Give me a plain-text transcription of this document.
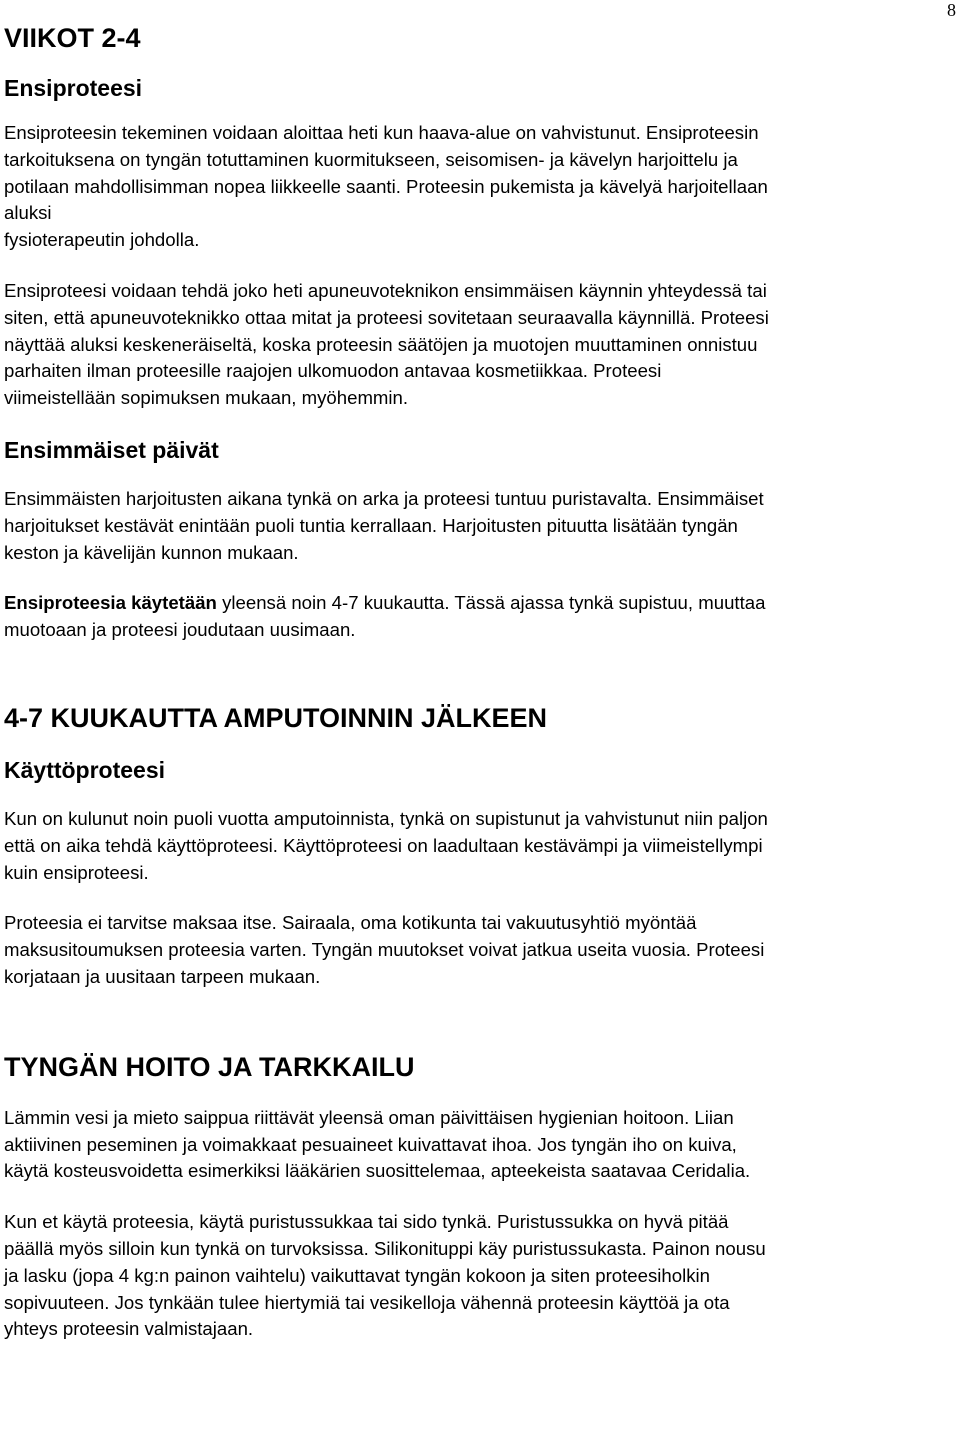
8
VIIKOT 2-4
Ensiproteesi

Ensiproteesin tekeminen voidaan aloittaa heti kun haava-alue on vahvistunut. Ensiproteesin
tarkoituksena on tyngän totuttaminen kuormitukseen, seisomisen- ja kävelyn harjoittelu ja
potilaan mahdollisimman nopea liikkeelle saanti. Proteesin pukemista ja kävelyä harjoitellaan
aluksi
fysioterapeutin johdolla.

Ensiproteesi voidaan tehdä joko heti apuneuvoteknikon ensimmäisen käynnin yhteydessä tai
siten, että apuneuvoteknikko ottaa mitat ja proteesi sovitetaan seuraavalla käynnillä. Proteesi
näyttää aluksi keskeneräiseltä, koska proteesin säätöjen ja muotojen muuttaminen onnistuu
parhaiten ilman proteesille raajojen ulkomuodon antavaa kosmetiikkaa. Proteesi
viimeistellään sopimuksen mukaan, myöhemmin.

Ensimmäiset päivät

Ensimmäisten harjoitusten aikana tynkä on arka ja proteesi tuntuu puristavalta. Ensimmäiset
harjoitukset kestävät enintään puoli tuntia kerrallaan. Harjoitusten pituutta lisätään tyngän
keston ja kävelijän kunnon mukaan.

Ensiproteesia käytetään yleensä noin 4-7 kuukautta. Tässä ajassa tynkä supistuu, muuttaa
muotoaan ja proteesi joudutaan uusimaan.

4-7 KUUKAUTTA AMPUTOINNIN JÄLKEEN
Käyttöproteesi

Kun on kulunut noin puoli vuotta amputoinnista, tynkä on supistunut ja vahvistunut niin paljon
että on aika tehdä käyttöproteesi. Käyttöproteesi on laadultaan kestävämpi ja viimeistellympi
kuin ensiproteesi.

Proteesia ei tarvitse maksaa itse. Sairaala, oma kotikunta tai vakuutusyhtiö myöntää
maksusitoumuksen proteesia varten. Tyngän muutokset voivat jatkua useita vuosia. Proteesi
korjataan ja uusitaan tarpeen mukaan.

TYNGÄN HOITO JA TARKKAILU

Lämmin vesi ja mieto saippua riittävät yleensä oman päivittäisen hygienian hoitoon. Liian
aktiivinen peseminen ja voimakkaat pesuaineet kuivattavat ihoa. Jos tyngän iho on kuiva,
käytä kosteusvoidetta esimerkiksi lääkärien suosittelemaa, apteekeista saatavaa Ceridalia.

Kun et käytä proteesia, käytä puristussukkaa tai sido tynkä. Puristussukka on hyvä pitää
päällä myös silloin kun tynkä on turvoksissa. Silikonituppi käy puristussukasta. Painon nousu
ja lasku (jopa 4 kg:n painon vaihtelu) vaikuttavat tyngän kokoon ja siten proteesiholkin
sopivuuteen. Jos tynkään tulee hiertymiä tai vesikelloja vähennä proteesin käyttöä ja ota
yhteys proteesin valmistajaan.
